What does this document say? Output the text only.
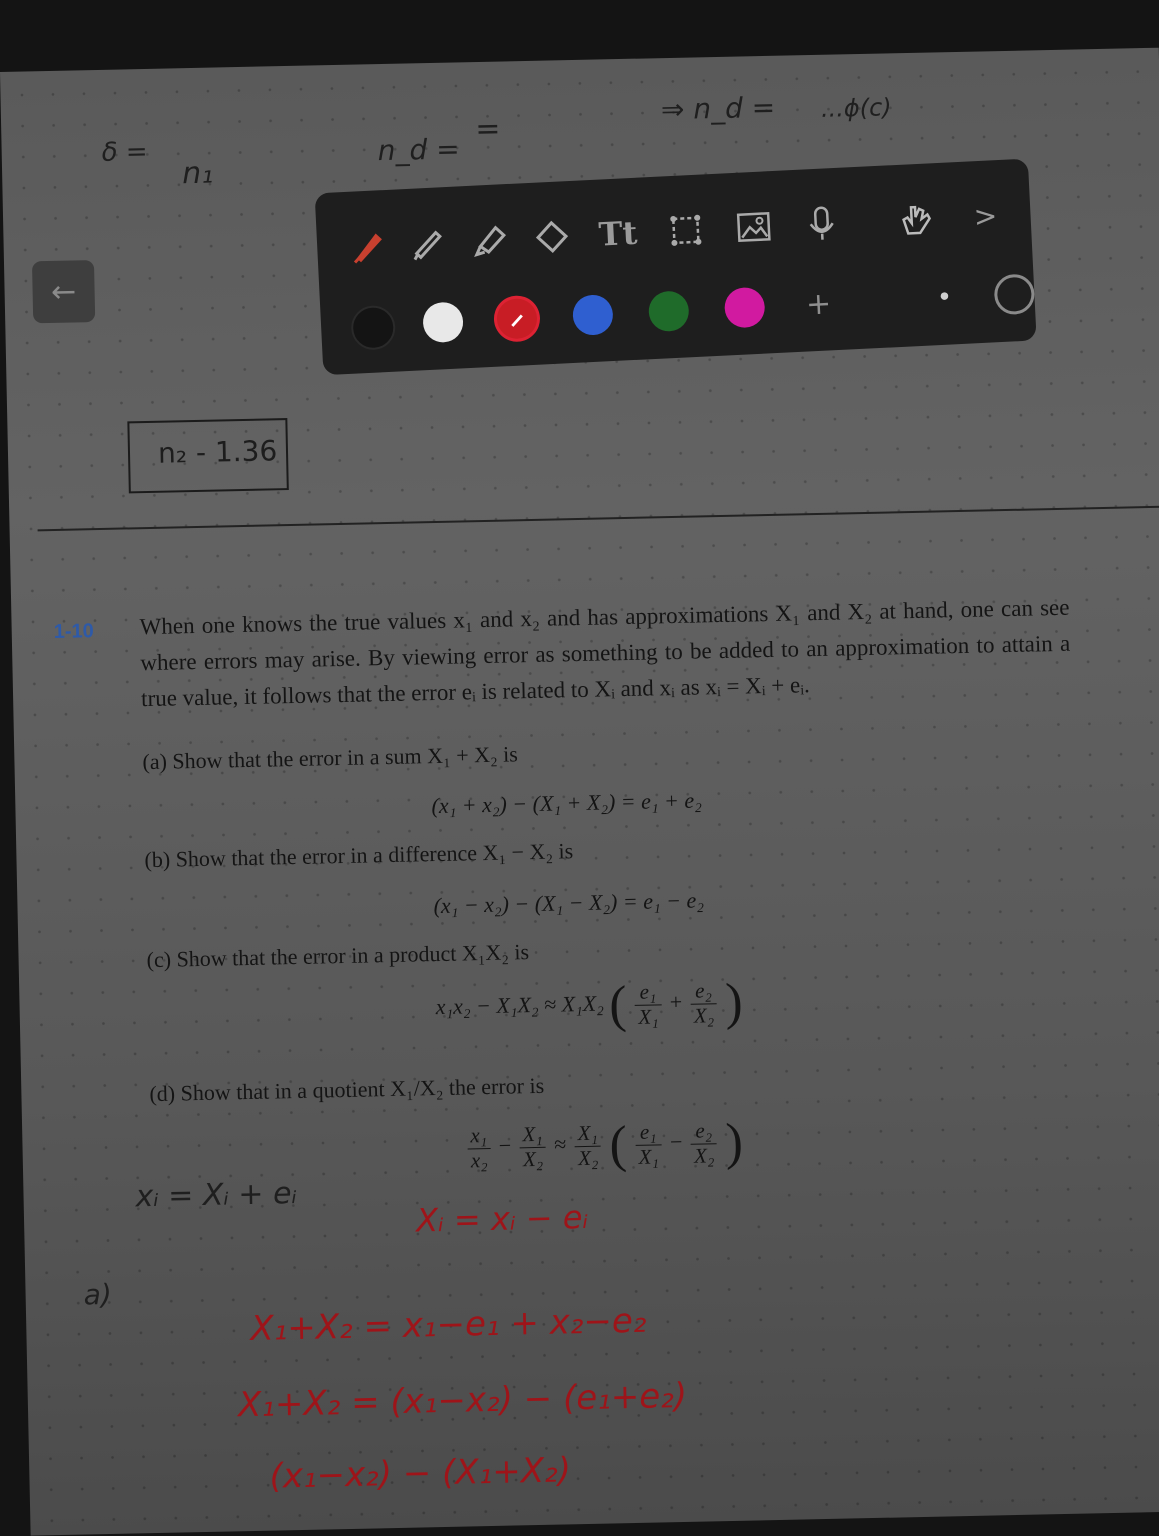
δ =
n₁
n_d =
=
⇒ n_d = ...ϕ(c)
←
Tt	>
+	•
n₂ - 1.36
1-10 When one knows the true values x₁ and x₂ and has approximations X₁ and X₂ at hand, one can see where errors may arise. By viewing error as something to be added to an approximation to attain a true value, it follows that the error eᵢ is related to Xᵢ and xᵢ as xᵢ = Xᵢ + eᵢ.
(a) Show that the error in a sum X₁ + X₂ is
(x₁ + x₂) − (X₁ + X₂) = e₁ + e₂
(b) Show that the error in a difference X₁ − X₂ is
(x₁ − x₂) − (X₁ − X₂) = e₁ − e₂
(c) Show that the error in a product X₁X₂ is
x₁x₂ − X₁X₂ ≈ X₁X₂ ( $\frac{\text{e₁}}{\text{X₁}} + \frac{\text{e₂}}{\text{X₂}}$ )
(d) Show that in a quotient X₁/X₂ the error is
$\frac{\text{x₁}}{\text{x₂}} - \frac{\text{X₁}}{\text{X₂}} \approx \frac{\text{X₁}}{\text{X₂}}$ ( $\frac{\text{e₁}}{\text{X₁}} - \frac{\text{e₂}}{\text{X₂}}$ )
xᵢ = Xᵢ + eᵢ
Xᵢ = xᵢ − eᵢ
a)
X₁+X₂ = x₁−e₁ + x₂−e₂
X₁+X₂ = (x₁−x₂) − (e₁+e₂)
(x₁−x₂) − (X₁+X₂)
